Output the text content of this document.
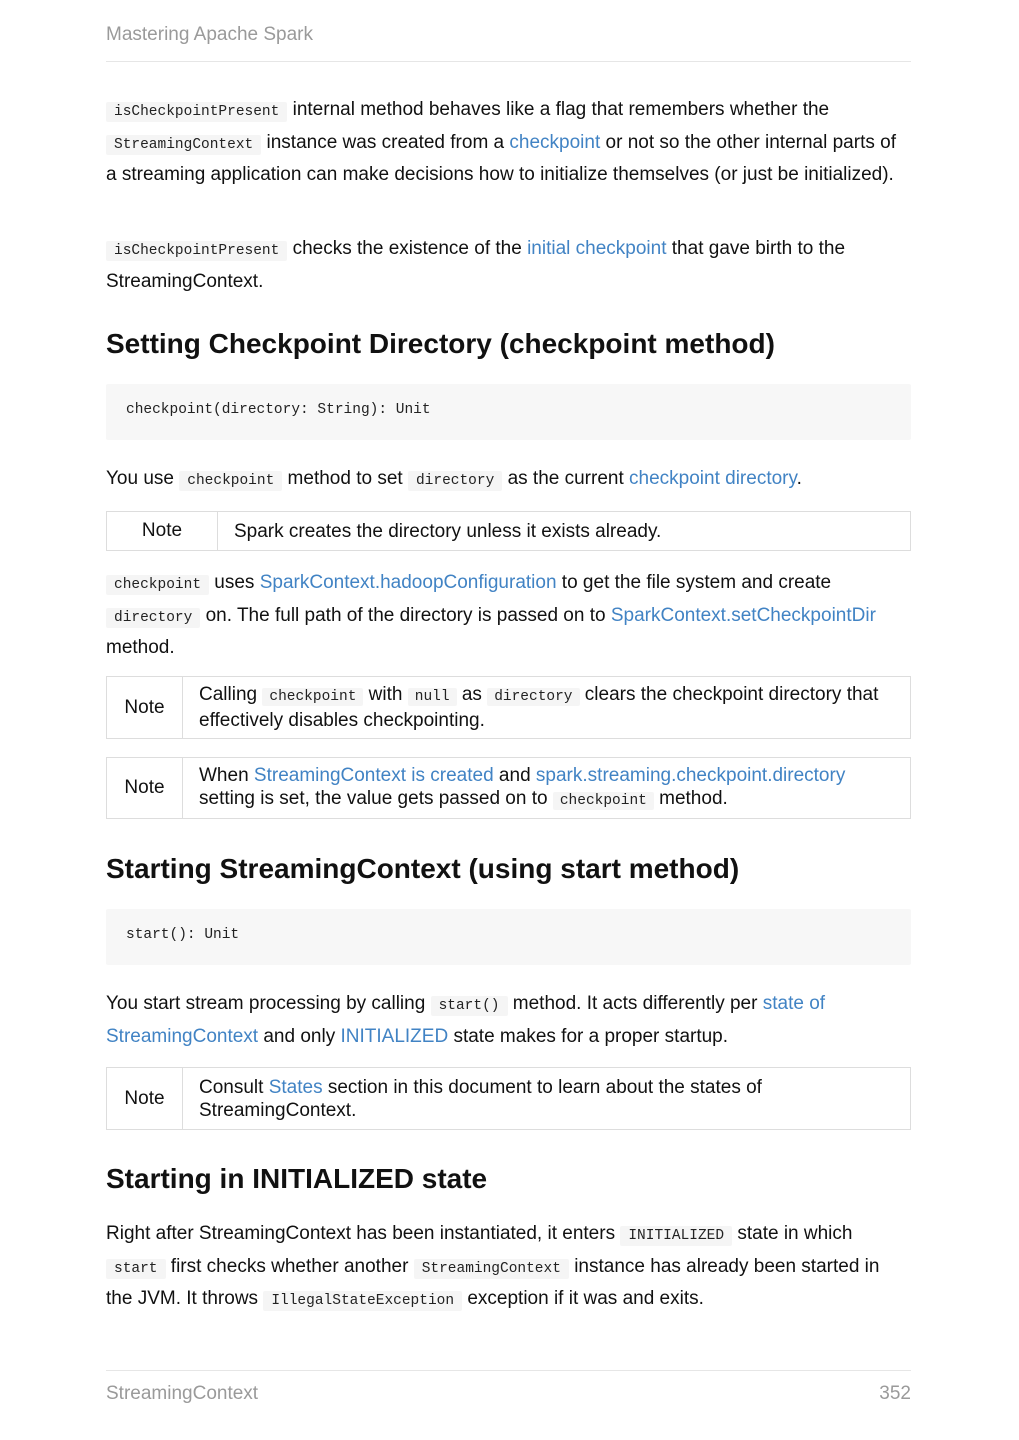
Mastering Apache Spark

isCheckpointPresent internal method behaves like a flag that remembers whether the StreamingContext instance was created from a checkpoint or not so the other internal parts of a streaming application can make decisions how to initialize themselves (or just be initialized).

isCheckpointPresent checks the existence of the initial checkpoint that gave birth to the StreamingContext.

Setting Checkpoint Directory (checkpoint method)
checkpoint(directory: String): Unit

You use checkpoint method to set directory as the current checkpoint directory.

Note	Spark creates the directory unless it exists already.

checkpoint uses SparkContext.hadoopConfiguration to get the file system and create directory on. The full path of the directory is passed on to SparkContext.setCheckpointDir method.

Note
Calling checkpoint with null as directory clears the checkpoint directory that effectively disables checkpointing.
Note
When StreamingContext is created and spark.streaming.checkpoint.directory setting is set, the value gets passed on to checkpoint method.
Starting StreamingContext (using start method)
start(): Unit

You start stream processing by calling start() method. It acts differently per state of StreamingContext and only INITIALIZED state makes for a proper startup.

Note
Consult States section in this document to learn about the states of StreamingContext.
Starting in INITIALIZED state

Right after StreamingContext has been instantiated, it enters INITIALIZED state in which start first checks whether another StreamingContext instance has already been started in the JVM. It throws IllegalStateException exception if it was and exits.

StreamingContext	352
